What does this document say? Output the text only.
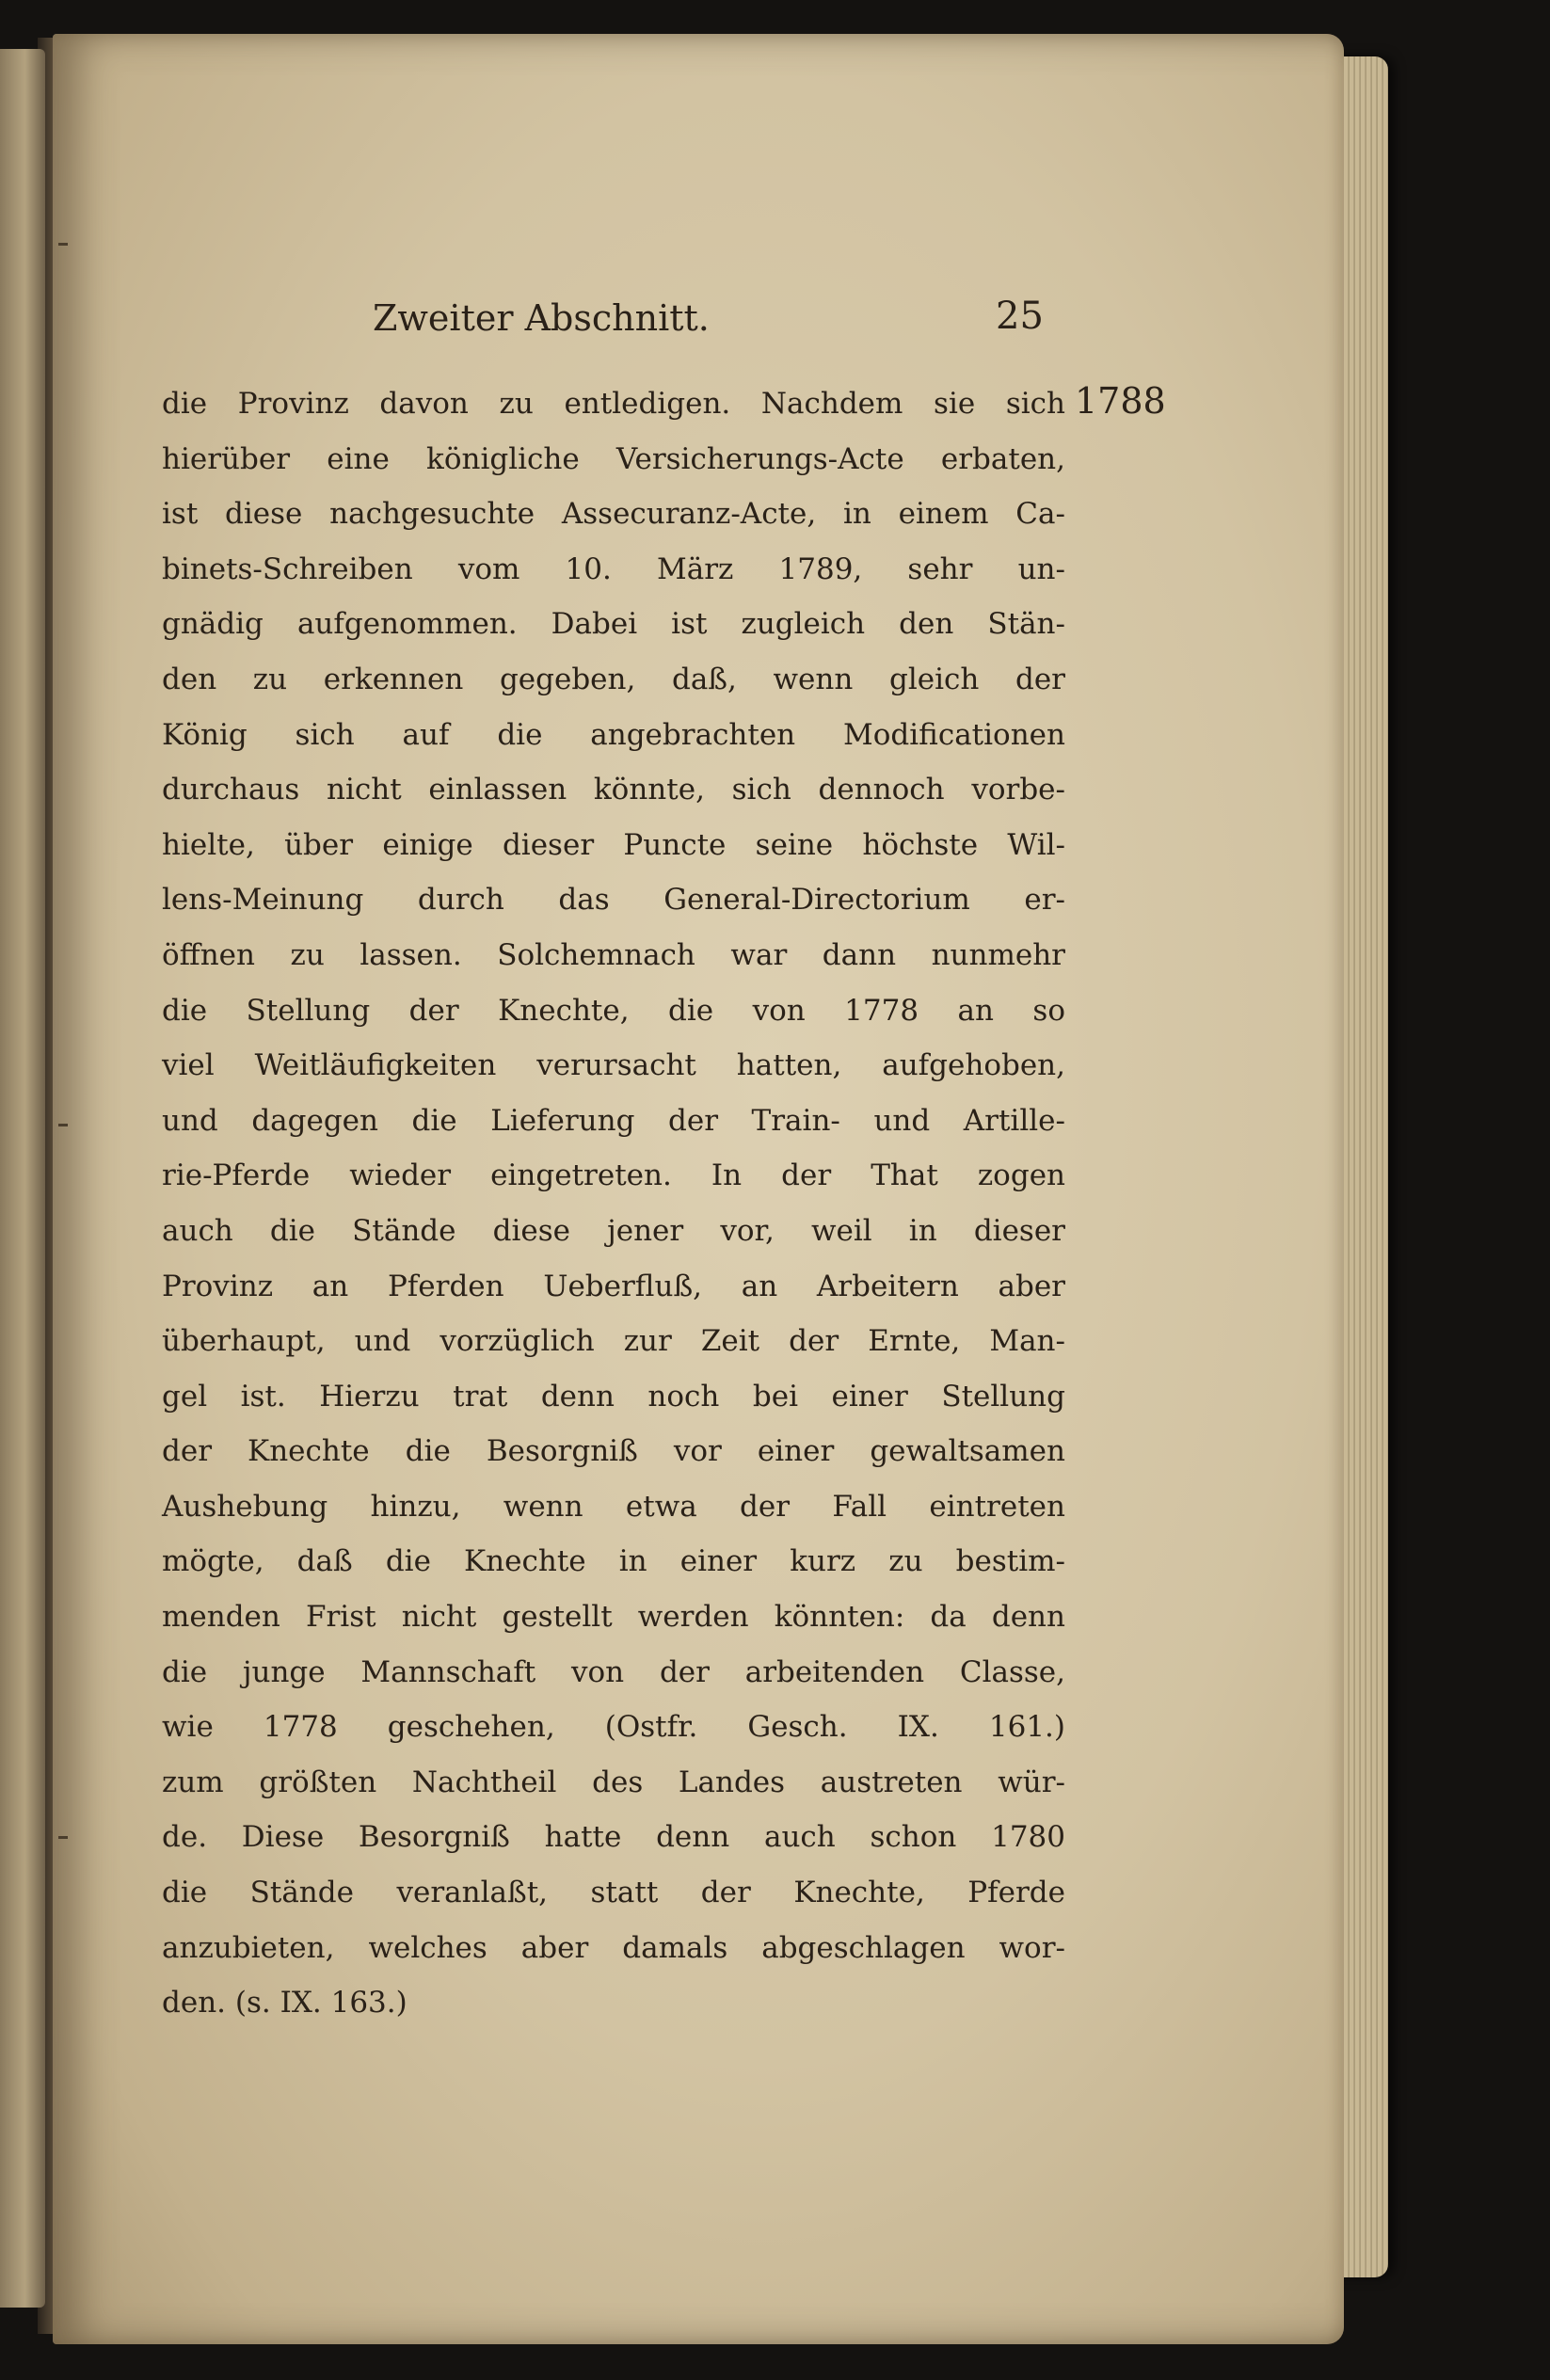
Zweiter Abschnitt.	25
1788
die Provinz davon zu entledigen. Nachdem sie sich
hierüber eine königliche Versicherungs-Acte erbaten,
ist diese nachgesuchte Assecuranz-Acte, in einem Ca-
binets-Schreiben vom 10. März 1789, sehr un-
gnädig aufgenommen. Dabei ist zugleich den Stän-
den zu erkennen gegeben, daß, wenn gleich der
König sich auf die angebrachten Modificationen
durchaus nicht einlassen könnte, sich dennoch vorbe-
hielte, über einige dieser Puncte seine höchste Wil-
lens-Meinung durch das General-Directorium er-
öffnen zu lassen. Solchemnach war dann nunmehr
die Stellung der Knechte, die von 1778 an so
viel Weitläufigkeiten verursacht hatten, aufgehoben,
und dagegen die Lieferung der Train- und Artille-
rie-Pferde wieder eingetreten. In der That zogen
auch die Stände diese jener vor, weil in dieser
Provinz an Pferden Ueberfluß, an Arbeitern aber
überhaupt, und vorzüglich zur Zeit der Ernte, Man-
gel ist. Hierzu trat denn noch bei einer Stellung
der Knechte die Besorgniß vor einer gewaltsamen
Aushebung hinzu, wenn etwa der Fall eintreten
mögte, daß die Knechte in einer kurz zu bestim-
menden Frist nicht gestellt werden könnten: da denn
die junge Mannschaft von der arbeitenden Classe,
wie 1778 geschehen, (Ostfr. Gesch. IX. 161.)
zum größten Nachtheil des Landes austreten wür-
de. Diese Besorgniß hatte denn auch schon 1780
die Stände veranlaßt, statt der Knechte, Pferde
anzubieten, welches aber damals abgeschlagen wor-
den. (s. IX. 163.)
